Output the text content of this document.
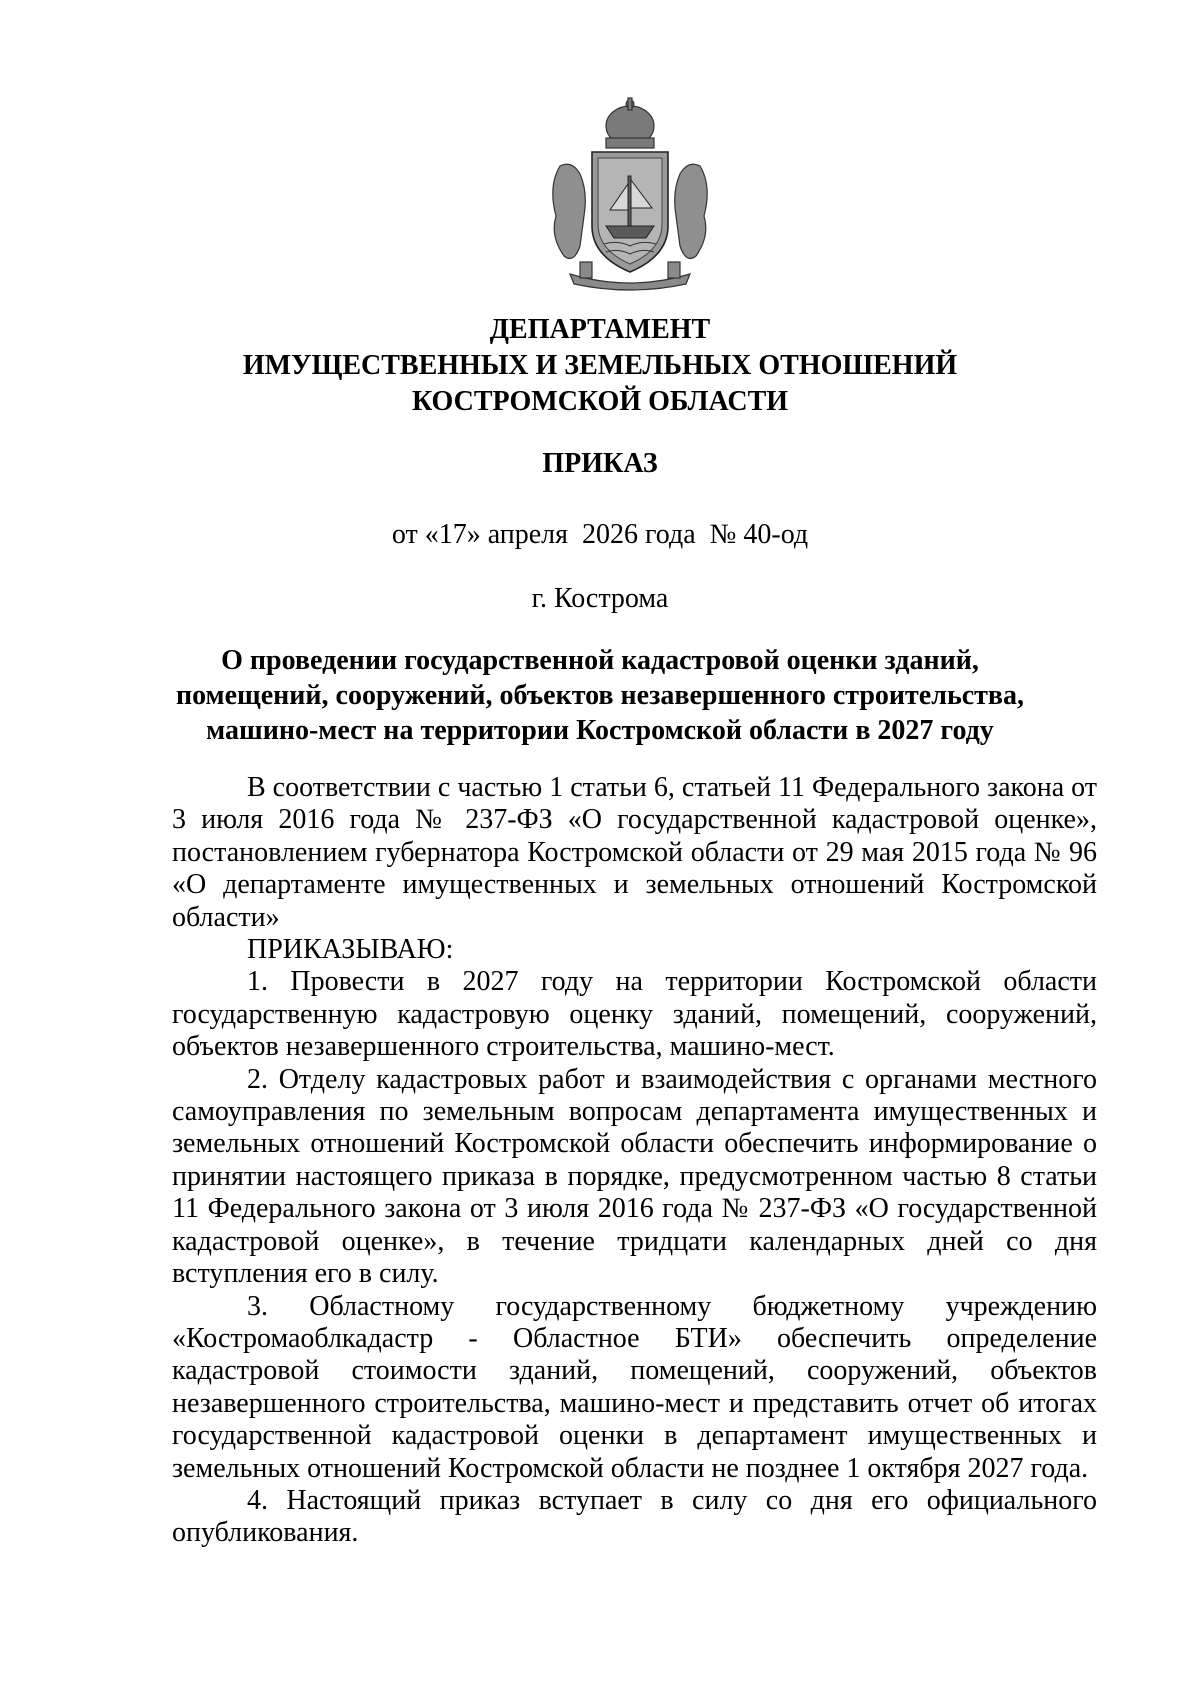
ДЕПАРТАМЕНТ
ИМУЩЕСТВЕННЫХ И ЗЕМЕЛЬНЫХ ОТНОШЕНИЙ
КОСТРОМСКОЙ ОБЛАСТИ
ПРИКАЗ
от «17» апреля  2026 года  № 40-од
г. Кострома
О проведении государственной кадастровой оценки зданий, помещений, сооружений, объектов незавершенного строительства, машино-мест на территории Костромской области в 2027 году

В соответствии с частью 1 статьи 6, статьей 11 Федерального закона от 3 июля 2016 года № 237-ФЗ «О государственной кадастровой оценке», постановлением губернатора Костромской области от 29 мая 2015 года № 96 «О департаменте имущественных и земельных отношений Костромской области»

ПРИКАЗЫВАЮ:

1. Провести в 2027 году на территории Костромской области государственную кадастровую оценку зданий, помещений, сооружений, объектов незавершенного строительства, машино-мест.

2. Отделу кадастровых работ и взаимодействия с органами местного самоуправления по земельным вопросам департамента имущественных и земельных отношений Костромской области обеспечить информирование о принятии настоящего приказа в порядке, предусмотренном частью 8 статьи 11 Федерального закона от 3 июля 2016 года № 237-ФЗ «О государственной кадастровой оценке», в течение тридцати календарных дней со дня вступления его в силу.

3. Областному государственному бюджетному учреждению «Костромаоблкадастр - Областное БТИ» обеспечить определение кадастровой стоимости зданий, помещений, сооружений, объектов незавершенного строительства, машино-мест и представить отчет об итогах государственной кадастровой оценки в департамент имущественных и земельных отношений Костромской области не позднее 1 октября 2027 года.

4. Настоящий приказ вступает в силу со дня его официального опубликования.
